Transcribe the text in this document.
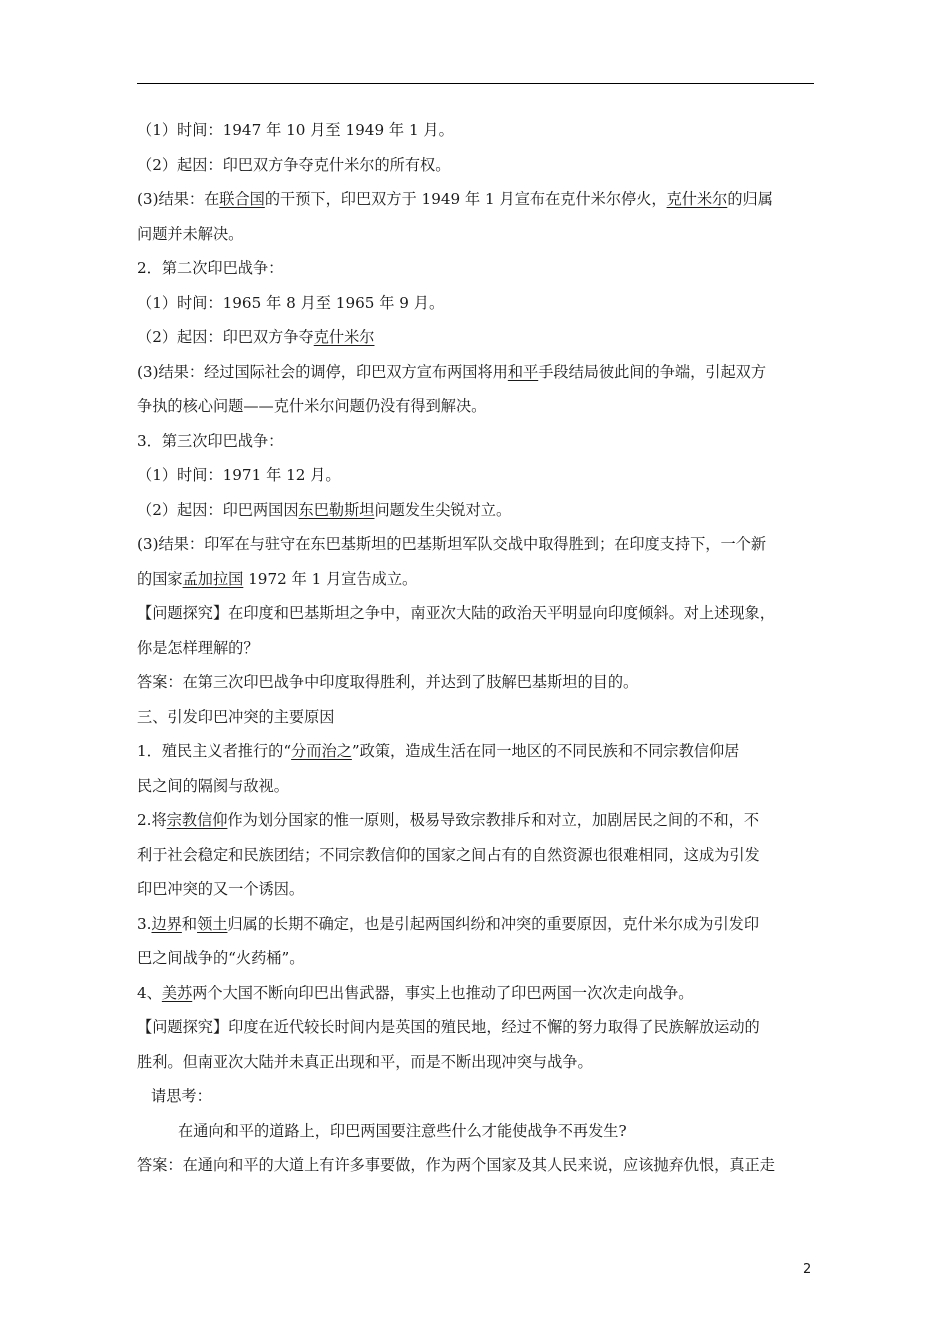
（1）时间：1947 年 10 月至 1949 年 1 月。
（2）起因：印巴双方争夺克什米尔的所有权。
(3)结果：在联合国的干预下，印巴双方于 1949 年 1 月宣布在克什米尔停火，克什米尔的归属
问题并未解决。
2．第二次印巴战争：
（1）时间：1965 年 8 月至 1965 年 9 月。
（2）起因：印巴双方争夺克什米尔
(3)结果：经过国际社会的调停，印巴双方宣布两国将用和平手段结局彼此间的争端，引起双方
争执的核心问题——克什米尔问题仍没有得到解决。
3．第三次印巴战争：
（1）时间：1971 年 12 月。
（2）起因：印巴两国因东巴勒斯坦问题发生尖锐对立。
(3)结果：印军在与驻守在东巴基斯坦的巴基斯坦军队交战中取得胜到；在印度支持下，一个新
的国家孟加拉国 1972 年 1 月宣告成立。
【问题探究】在印度和巴基斯坦之争中，南亚次大陆的政治天平明显向印度倾斜。对上述现象，
你是怎样理解的？
答案：在第三次印巴战争中印度取得胜利，并达到了肢解巴基斯坦的目的。
三、引发印巴冲突的主要原因
1．殖民主义者推行的“分而治之”政策，造成生活在同一地区的不同民族和不同宗教信仰居
民之间的隔阂与敌视。
2.将宗教信仰作为划分国家的惟一原则，极易导致宗教排斥和对立，加剧居民之间的不和，不
利于社会稳定和民族团结；不同宗教信仰的国家之间占有的自然资源也很难相同，这成为引发
印巴冲突的又一个诱因。
3.边界和领土归属的长期不确定，也是引起两国纠纷和冲突的重要原因，克什米尔成为引发印
巴之间战争的“火药桶”。
4、美苏两个大国不断向印巴出售武器，事实上也推动了印巴两国一次次走向战争。
【问题探究】印度在近代较长时间内是英国的殖民地，经过不懈的努力取得了民族解放运动的
胜利。但南亚次大陆并未真正出现和平，而是不断出现冲突与战争。
请思考：
在通向和平的道路上，印巴两国要注意些什么才能使战争不再发生?
答案：在通向和平的大道上有许多事要做，作为两个国家及其人民来说，应该抛弃仇恨，真正走
2
